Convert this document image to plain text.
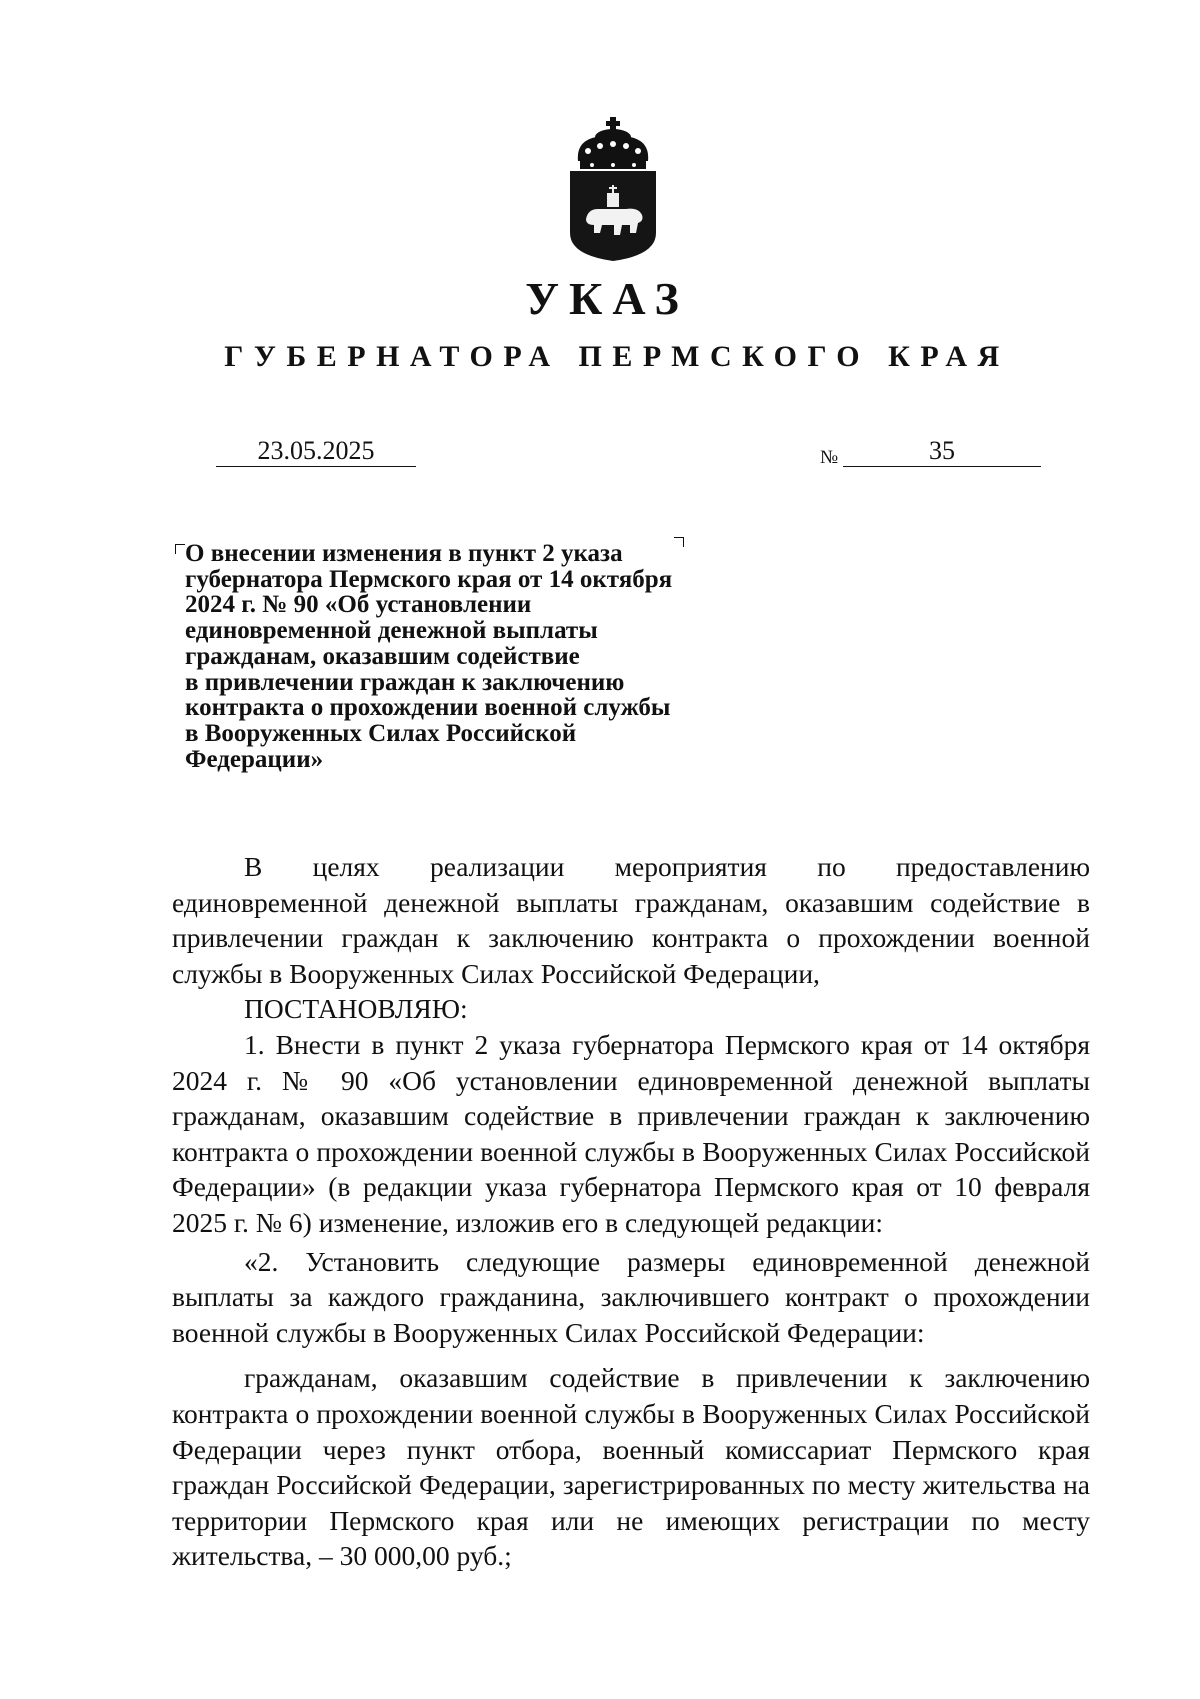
УКАЗ
ГУБЕРНАТОРА ПЕРМСКОГО КРАЯ
23.05.2025	№	35
О внесении изменения в пункт 2 указа
губернатора Пермского края от 14 октября
2024 г. № 90 «Об установлении
единовременной денежной выплаты
гражданам, оказавшим содействие
в привлечении граждан к заключению
контракта о прохождении военной службы
в Вооруженных Силах Российской
Федерации»

В целях реализации мероприятия по предоставлению
единовременной денежной выплаты гражданам, оказавшим содействие в привлечении граждан к заключению контракта о прохождении военной службы в Вооруженных Силах Российской Федерации,

ПОСТАНОВЛЯЮ:

1. Внести в пункт 2 указа губернатора Пермского края от 14 октября 2024 г. № 90 «Об установлении единовременной денежной выплаты гражданам, оказавшим содействие в привлечении граждан к заключению контракта о прохождении военной службы в Вооруженных Силах Российской Федерации» (в редакции указа губернатора Пермского края от 10 февраля 2025 г. № 6) изменение, изложив его в следующей редакции:

«2. Установить следующие размеры единовременной денежной выплаты за каждого гражданина, заключившего контракт о прохождении военной службы в Вооруженных Силах Российской Федерации:

гражданам, оказавшим содействие в привлечении к заключению контракта о прохождении военной службы в Вооруженных Силах Российской Федерации через пункт отбора, военный комиссариат Пермского края граждан Российской Федерации, зарегистрированных по месту жительства на территории Пермского края или не имеющих регистрации по месту жительства, – 30 000,00 руб.;
